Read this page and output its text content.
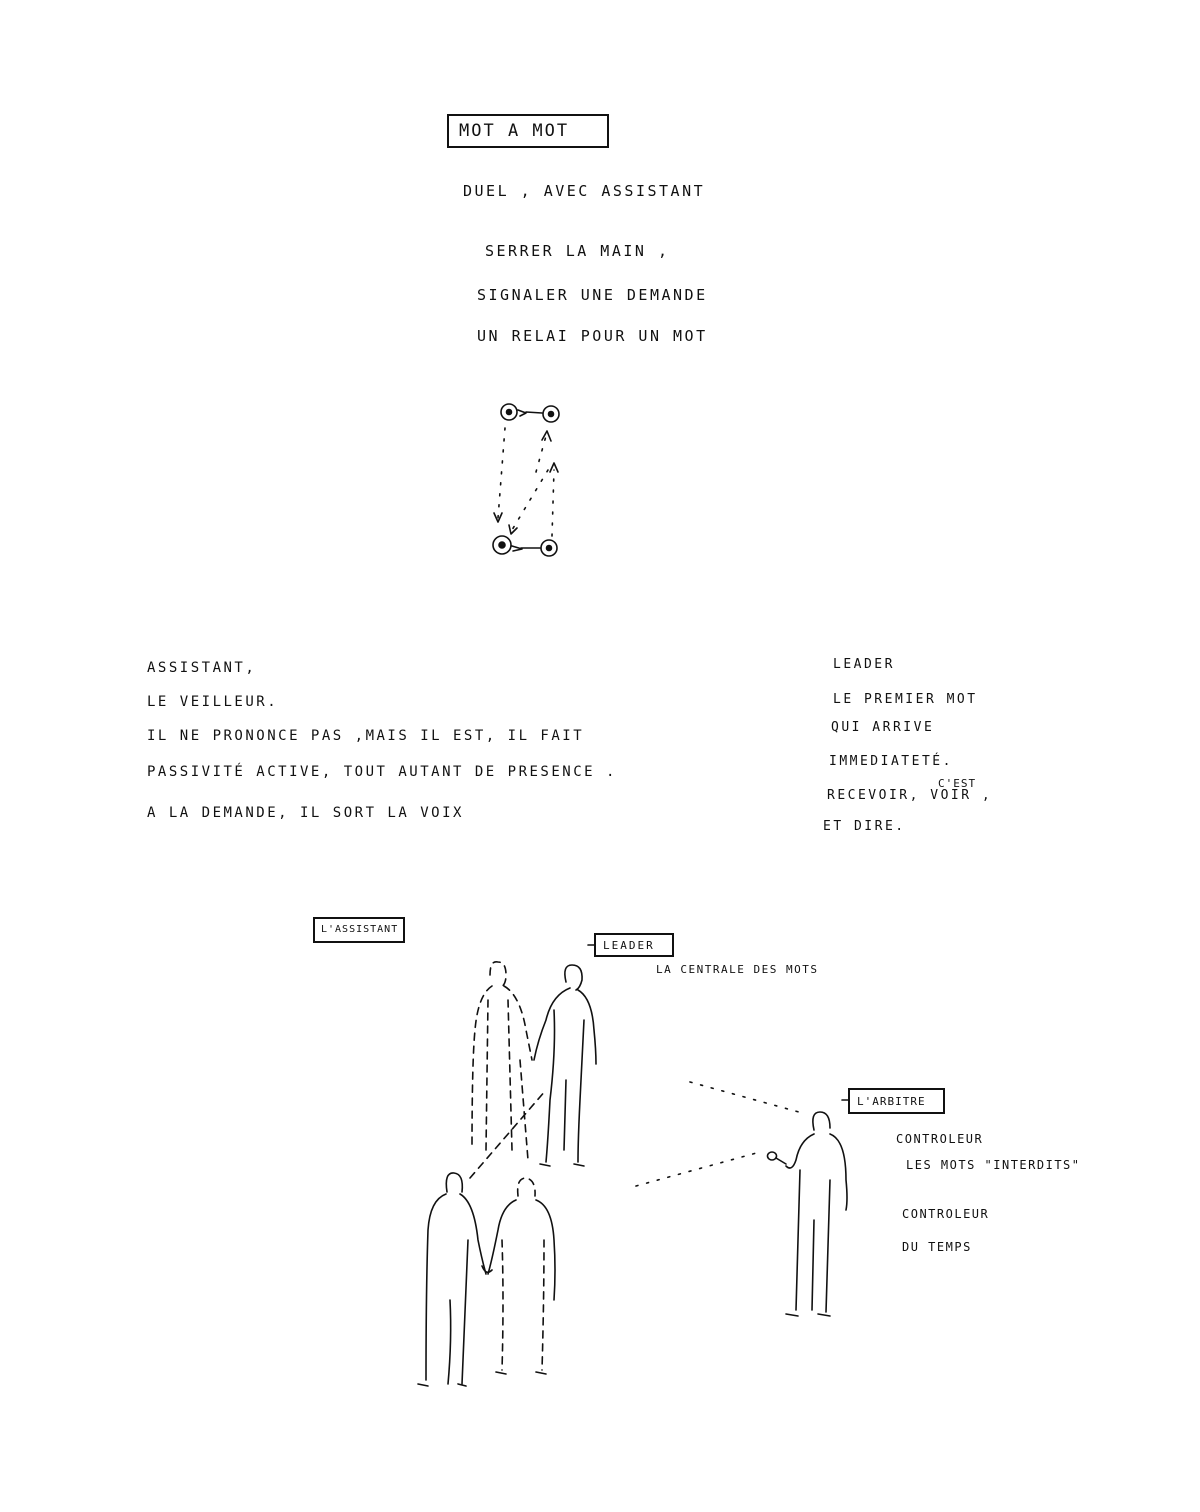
MOT A MOT
DUEL , AVEC ASSISTANT
SERRER LA MAIN ,
SIGNALER UNE DEMANDE
UN RELAI POUR UN MOT
ASSISTANT,
LE VEILLEUR.
IL NE PRONONCE PAS ,MAIS IL EST, IL FAIT
PASSIVITÉ ACTIVE, TOUT AUTANT DE PRESENCE .
A LA DEMANDE, IL SORT LA VOIX
LEADER
LE PREMIER MOT
QUI ARRIVE
IMMEDIATETÉ.
C'EST
RECEVOIR, VOIR ,
ET DIRE.
L'ASSISTANT
LEADER
LA CENTRALE DES MOTS
L'ARBITRE
CONTROLEUR
LES MOTS "INTERDITS"
CONTROLEUR
DU TEMPS
